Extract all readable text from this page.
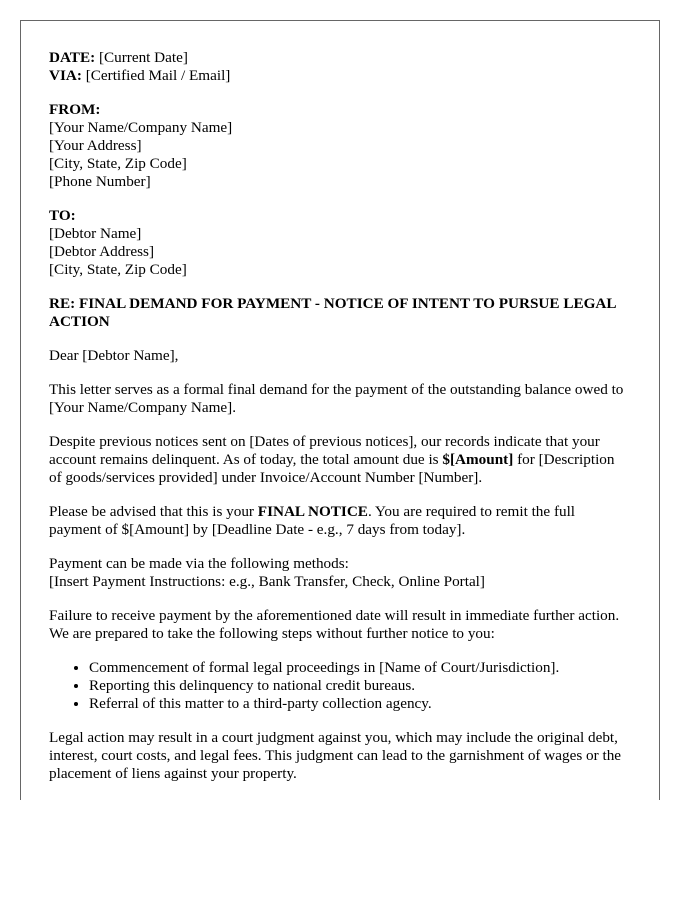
DATE: [Current Date]
VIA: [Certified Mail / Email]
FROM:
[Your Name/Company Name]
[Your Address]
[City, State, Zip Code]
[Phone Number]
TO:
[Debtor Name]
[Debtor Address]
[City, State, Zip Code]
RE: FINAL DEMAND FOR PAYMENT - NOTICE OF INTENT TO PURSUE LEGAL ACTION

Dear [Debtor Name],

This letter serves as a formal final demand for the payment of the outstanding balance owed to [Your Name/Company Name].

Despite previous notices sent on [Dates of previous notices], our records indicate that your account remains delinquent. As of today, the total amount due is $[Amount] for [Description of goods/services provided] under Invoice/Account Number [Number].

Please be advised that this is your FINAL NOTICE. You are required to remit the full payment of $[Amount] by [Deadline Date - e.g., 7 days from today].

Payment can be made via the following methods:
[Insert Payment Instructions: e.g., Bank Transfer, Check, Online Portal]

Failure to receive payment by the aforementioned date will result in immediate further action. We are prepared to take the following steps without further notice to you:

• Commencement of formal legal proceedings in [Name of Court/Jurisdiction].
• Reporting this delinquency to national credit bureaus.
• Referral of this matter to a third-party collection agency.

Legal action may result in a court judgment against you, which may include the original debt, interest, court costs, and legal fees. This judgment can lead to the garnishment of wages or the placement of liens against your property.
